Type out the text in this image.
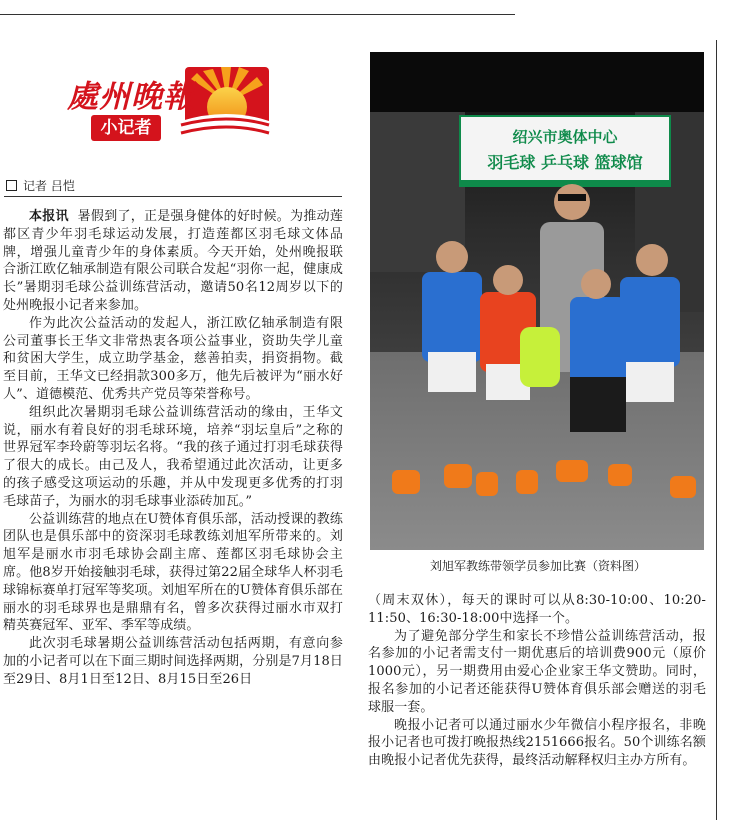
處州晚報
小记者
记者 吕恺

本报讯 暑假到了，正是强身健体的好时候。为推动莲都区青少年羽毛球运动发展，打造莲都区羽毛球文体品牌，增强儿童青少年的身体素质。今天开始，处州晚报联合浙江欧亿轴承制造有限公司联合发起“羽你一起，健康成长”暑期羽毛球公益训练营活动，邀请50名12周岁以下的处州晚报小记者来参加。

作为此次公益活动的发起人，浙江欧亿轴承制造有限公司董事长王华文非常热衷各项公益事业，资助失学儿童和贫困大学生，成立助学基金，慈善拍卖，捐资捐物。截至目前，王华文已经捐款300多万，他先后被评为“丽水好人”、道德模范、优秀共产党员等荣誉称号。

组织此次暑期羽毛球公益训练营活动的缘由，王华文说，丽水有着良好的羽毛球环境，培养“羽坛皇后”之称的世界冠军李玲蔚等羽坛名将。“我的孩子通过打羽毛球获得了很大的成长。由己及人，我希望通过此次活动，让更多的孩子感受这项运动的乐趣，并从中发现更多优秀的打羽毛球苗子，为丽水的羽毛球事业添砖加瓦。”

公益训练营的地点在U赞体育俱乐部，活动授课的教练团队也是俱乐部中的资深羽毛球教练刘旭军所带来的。刘旭军是丽水市羽毛球协会副主席、莲都区羽毛球协会主席。他8岁开始接触羽毛球，获得过第22届全球华人杯羽毛球锦标赛单打冠军等奖项。刘旭军所在的U赞体育俱乐部在丽水的羽毛球界也是鼎鼎有名，曾多次获得过丽水市双打精英赛冠军、亚军、季军等成绩。

此次羽毛球暑期公益训练营活动包括两期，有意向参加的小记者可以在下面三期时间选择两期，分别是7月18日至29日、8月1日至12日、8月15日至26日

绍兴市奥体中心
羽毛球 乒乓球 篮球馆
刘旭军教练带领学员参加比赛（资料图）

（周末双休），每天的课时可以从8:30-10:00、10:20-11:50、16:30-18:00中选择一个。

为了避免部分学生和家长不珍惜公益训练营活动，报名参加的小记者需支付一期优惠后的培训费900元（原价1000元），另一期费用由爱心企业家王华文赞助。同时，报名参加的小记者还能获得U赞体育俱乐部会赠送的羽毛球服一套。

晚报小记者可以通过丽水少年微信小程序报名，非晚报小记者也可拨打晚报热线2151666报名。50个训练名额由晚报小记者优先获得，最终活动解释权归主办方所有。
